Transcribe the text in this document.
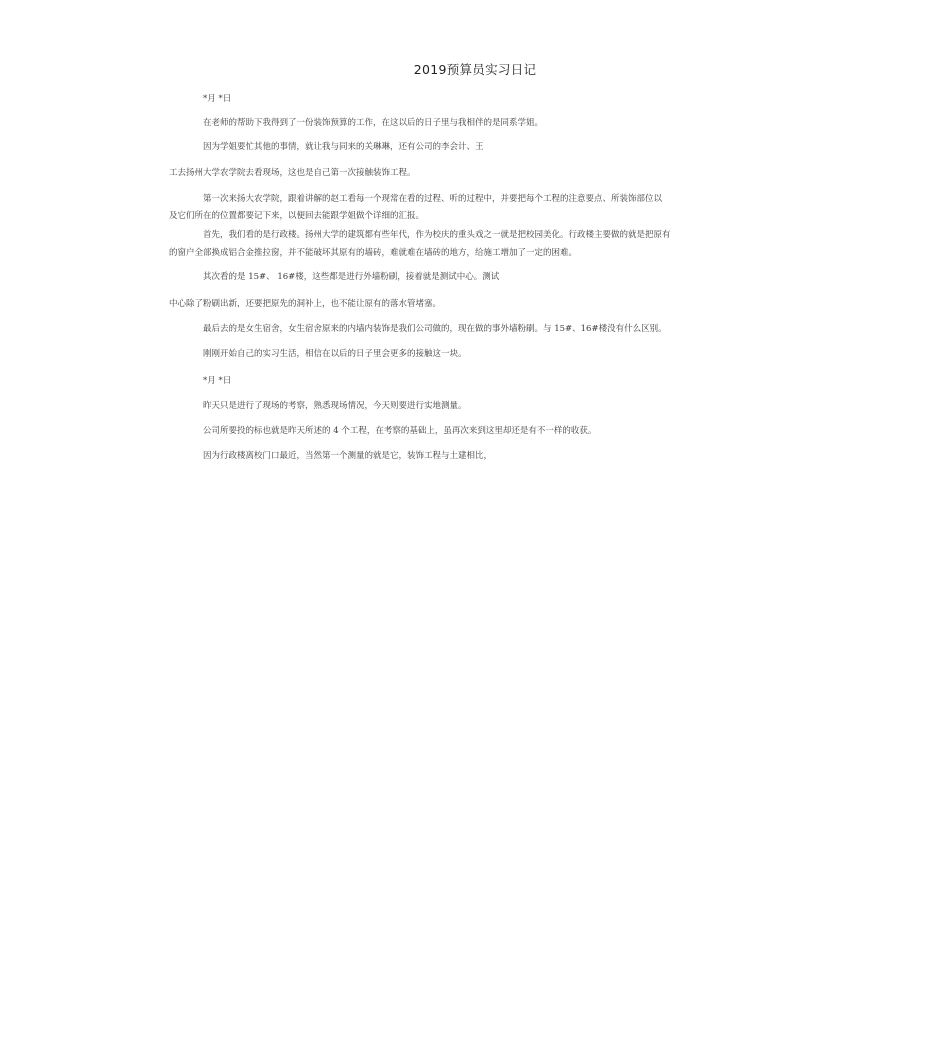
2019预算员实习日记
*月 *日
在老师的帮助下我得到了一份装饰预算的工作，在这以后的日子里与我相伴的是同系学姐。
因为学姐要忙其他的事情，就让我与同来的关琳琳，还有公司的李会计、王
工去扬州大学农学院去看现场，这也是自己第一次接触装饰工程。
第一次来扬大农学院，跟着讲解的赵工看每一个现常在看的过程、听的过程中，并要把每个工程的注意要点、所装饰部位以
及它们所在的位置都要记下来，以便回去能跟学姐做个详细的汇报。
首先，我们看的是行政楼。扬州大学的建筑都有些年代，作为校庆的重头戏之一就是把校园美化。行政楼主要做的就是把原有
的窗户全部换成铝合金推拉窗，并不能破坏其原有的墙砖，难就难在墙砖的地方，给施工增加了一定的困难。
其次看的是 15#、 16#楼，这些都是进行外墙粉刷，接着就是测试中心。测试
中心除了粉刷出新，还要把原先的洞补上，也不能让原有的落水管堵塞。
最后去的是女生宿舍，女生宿舍原来的内墙内装饰是我们公司做的，现在做的事外墙粉刷。与 15#、16#楼没有什么区别。
刚刚开始自己的实习生活，相信在以后的日子里会更多的接触这一块。
*月 *日
昨天只是进行了现场的考察，熟悉现场情况，今天则要进行实地测量。
公司所要投的标也就是昨天所述的 4 个工程，在考察的基础上，虽再次来到这里却还是有不一样的收获。
因为行政楼离校门口最近，当然第一个测量的就是它，装饰工程与土建相比，
